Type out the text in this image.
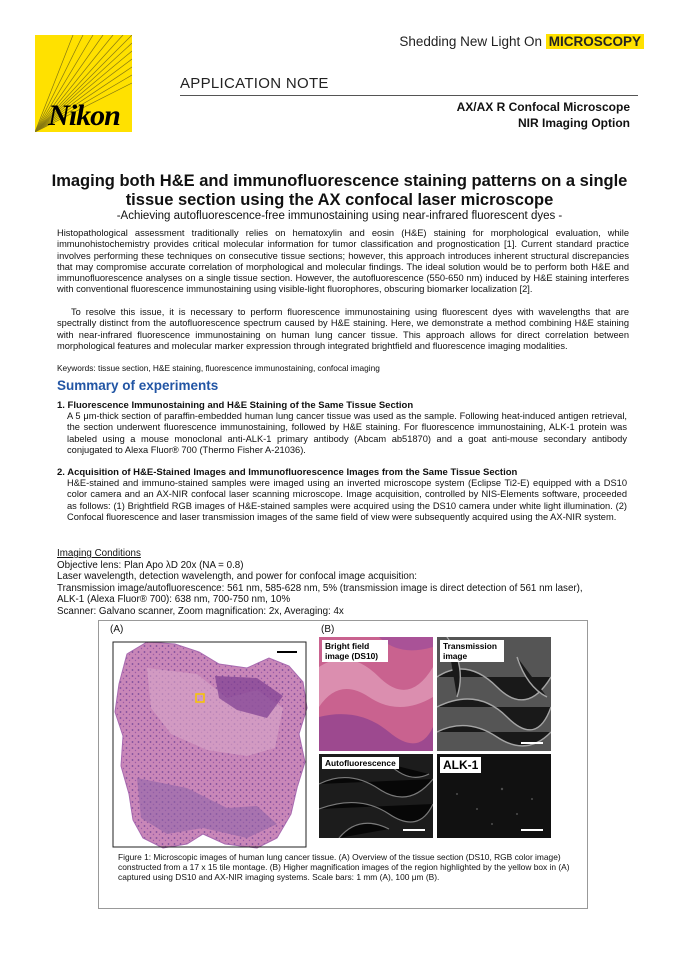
Nikon
Shedding New Light On MICROSCOPY
APPLICATION NOTE
AX/AX R Confocal Microscope
NIR Imaging Option
Imaging both H&E and immunofluorescence staining patterns on a single tissue section using the AX confocal laser microscope
-Achieving autofluorescence-free immunostaining using near-infrared fluorescent dyes -
Histopathological assessment traditionally relies on hematoxylin and eosin (H&E) staining for morphological evaluation, while immunohistochemistry provides critical molecular information for tumor classification and prognostication [1]. Current standard practice involves performing these techniques on consecutive tissue sections; however, this approach introduces inherent structural discrepancies that may compromise accurate correlation of morphological and molecular findings. The ideal solution would be to perform both H&E and immunofluorescence analyses on a single tissue section. However, the autofluorescence (550-650 nm) induced by H&E staining interferes with conventional fluorescence immunostaining using visible-light fluorophores, obscuring biomarker localization [2].
To resolve this issue, it is necessary to perform fluorescence immunostaining using fluorescent dyes with wavelengths that are spectrally distinct from the autofluorescence spectrum caused by H&E staining. Here, we demonstrate a method combining H&E staining with near-infrared fluorescence immunostaining on human lung cancer tissue. This approach allows for direct correlation between morphological features and molecular marker expression through integrated brightfield and fluorescence imaging modalities.
Keywords: tissue section, H&E staining, fluorescence immunostaining, confocal imaging
Summary of experiments
1. Fluorescence Immunostaining and H&E Staining of the Same Tissue Section
A 5 μm-thick section of paraffin-embedded human lung cancer tissue was used as the sample. Following heat-induced antigen retrieval, the section underwent fluorescence immunostaining, followed by H&E staining. For fluorescence immunostaining, ALK-1 protein was labeled using a mouse monoclonal anti-ALK-1 primary antibody (Abcam ab51870) and a goat anti-mouse secondary antibody conjugated to Alexa Fluor® 700 (Thermo Fisher A-21036).
2. Acquisition of H&E-Stained Images and Immunofluorescence Images from the Same Tissue Section
H&E-stained and immuno-stained samples were imaged using an inverted microscope system (Eclipse Ti2-E) equipped with a DS10 color camera and an AX-NIR confocal laser scanning microscope. Image acquisition, controlled by NIS-Elements software, proceeded as follows: (1) Brightfield RGB images of H&E-stained samples were acquired using the DS10 camera under white light illumination. (2) Confocal fluorescence and laser transmission images of the same field of view were subsequently acquired using the AX-NIR system.
Imaging Conditions
Objective lens: Plan Apo λD 20x (NA = 0.8)
Laser wavelength, detection wavelength, and power for confocal image acquisition:
Transmission image/autofluorescence: 561 nm, 585-628 nm, 5% (transmission image is direct detection of 561 nm laser),
ALK-1 (Alexa Fluor® 700): 638 nm, 700-750 nm, 10%
Scanner: Galvano scanner, Zoom magnification: 2x, Averaging: 4x
(A)	(B)
Bright field image (DS10)
Transmission image
Autofluorescence	ALK-1
Figure 1: Microscopic images of human lung cancer tissue. (A) Overview of the tissue section (DS10, RGB color image) constructed from a 17 x 15 tile montage. (B) Higher magnification images of the region highlighted by the yellow box in (A) captured using DS10 and AX-NIR imaging systems. Scale bars: 1 mm (A), 100 μm (B).
